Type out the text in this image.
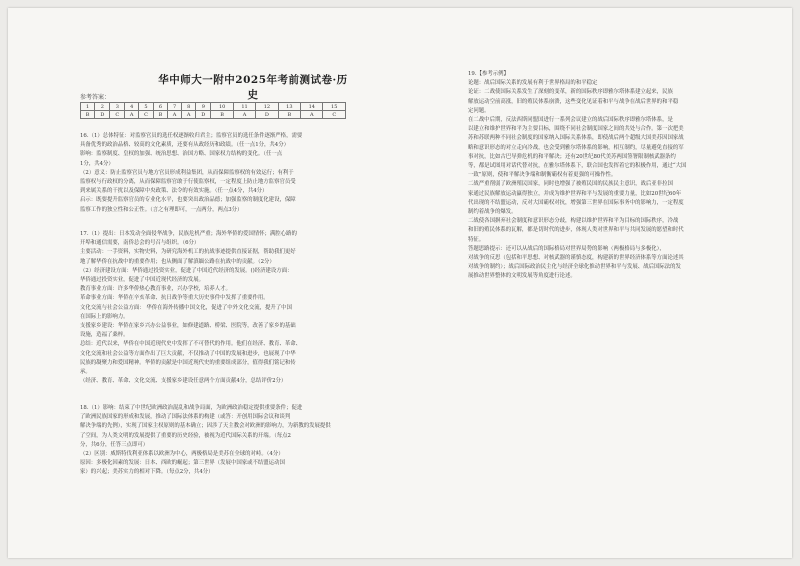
华中师大一附中2025年考前测试卷·历史
参考答案：
1	2	3	4	5	6	7	8	9	10	11	12	13	14	15
B	D	C	A	C	B	A	A	D	B	A	D	B	A	C

16.（1）总体特征：对监察官员的选任权逐渐收归君主；监察官员的选任条件逐渐严格，需要

具备优秀的政治品格、较高的文化素质，还要有从政经历和政绩。（任一点1分，共4分）

影响：监察制度、皇权的加强、统治思想、治国方略、国家权力结构的变化。（任一点

1分，共4分）

（2）意义：防止监察官员与地方官员形成利益集团，从而保障监察权的有效运行；有利于

监察权与行政权的分离，从而保障监察官敢于行使监察权，一定程度上防止地方监察官员受

到来属关系的干扰以及保障中央政策、法令的有效实施。（任一点4分，共4分）

启示：既要提升监察官员的专业化水平，也要突出政治品德；加强监察的制度化建设，保障

监察工作的独立性和公正性。（言之有理即可，一点两分，两点3分）

17.（1）提出：日本发动全面侵华战争，民族危机严重；海外华侨的爱国情怀；满腔心路的

开埠和通信需要，南侨总会的号召与组织。（6分）

主要活动：一手资料，实物史料，为研究海外机工的抗战事迹提供直接证据，帮助我们更好

地了解华侨在抗战中的重要作用；也从侧面了解滇缅公路在抗战中的贡献。（2分）

（2）经济建设方面：华侨通过投资实业，促进了中国近代经济的发展。()经济建设方面：

华侨通过投资实业，促进了中国近现代经济的发展。

教育事业方面：许多华侨热心教育事业，兴办学校，培养人才。

革命事业方面：华侨在辛亥革命、抗日战争等重大历史事件中发挥了重要作用。

文化交流与社会公益方面： 华侨在海外传播中国文化，促进了中外文化交流，提升了中国

在国际上的影响力。

支援家乡建设：华侨在家乡兴办公益事业，如修建道路、桥梁、医院等，改善了家乡的基础

设施，造福了桑梓。

总结：近代以来，华侨在中国近现代史中发挥了不可替代的作用。他们在经济、教育、革命、

文化交流和社会公益等方面作出了巨大贡献，不仅推动了中国的发展和进步，也展现了中华

民族的凝聚力和爱国精神。华侨的贡献是中国近现代史的重要组成部分，值得我们铭记和传

承。

（经济、教育、革命、文化交流、支援家乡建设任意两个方面贡献4分，总结评价2分）

18.（1）影响：结束了中世纪欧洲政治混乱和战争局面，为欧洲政治稳定提供重要条件；促进

了欧洲民族国家的形成和发展，推动了国际法体系的构建（或答：开创用国际会议和谈判

解决争端的先例），实现了国家主权原则的基本确立；因涉了天主教会对欧洲的影响力，为新教的发展提供

了空间，为人类文明的发展提供了重要的历史经验，被视为近代国际关系的开端。（每点2

分，共6分，任答三点即可）

（2）区别：威斯特伐利亚体系以欧洲为中心，两极格局是美苏在全球的对峙。（4分）

原因：多极化因素的发展：日本、西欧的崛起；第三世界（发展中国家或不结盟运动国

家）的兴起；美苏实力的相对下降。（每点2分，共4分）

19.【参考示例】

论题：战后国际关系的发展有利于世界格局的和平稳定

论证：二战使国际关系发生了深刻的变革，新的国际秩序即雅尔塔体系建立起来，民族

解放运动空前高涨，旧的殖民体系崩溃，这些变化见证着和平与战争在战后世界的和平稳

定问题。

在二战中后期，反法西斯同盟国进行一系列会议建立的战后国际秩序即雅尔塔体系，是

以建立和维护世界和平为主要目标，围绕不同社会制度国家之间的共处与合作。第一次把美

苏和苏联两种不同社会制度的国家纳入国际关系体系，即使战后两个超级大国美苏因国家战

略和意识形态的对立走向冷战，也会受到雅尔塔体系的影响，相互制约，尽量避免直接的军

事对抗，比如古巴导弹危机的和平解决；还有20世纪80代美苏两国签署限制核武器条约

等，都是试图用对话代替对抗，在雅尔塔体系下，联合国也发挥着它的积极作用，通过“大国

一致”原则，使和平解决争端和制衡霸权有着更强的可操作性。

二战严重削弱了欧洲殖民国家，同时也增强了被殖民国的民族民主意识，战后亚非拉国

家通过民族解放运动赢得独立，并成为维护世界和平与发展的重要力量，比如20世纪60年

代出现的不结盟运动，反对大国霸权对抗，增强第三世界在国际事务中的影响力，一定程度

制约着战争的爆发。

二战使各国摒弃社会制度和意识形态分歧，构建以维护世界和平为目标的国际秩序，冷战

和旧的殖民体系的瓦解，都是切时代的进步，体现人类对世界和平与共同发展的愿望和时代

特征。

答题思路提示：还可以从战后的国际格局对世界局势的影响（两极格局与多极化），

对战争的反思（包括和平思想、对核武器的谨慎态度，构建新的世界经济体系等方面论述其

对战争的制约）；战后国际政治民主化与经济全球化推动世界和平与发展、战后国际法的发

展推动世界整体的文明发展等角度进行论述。
